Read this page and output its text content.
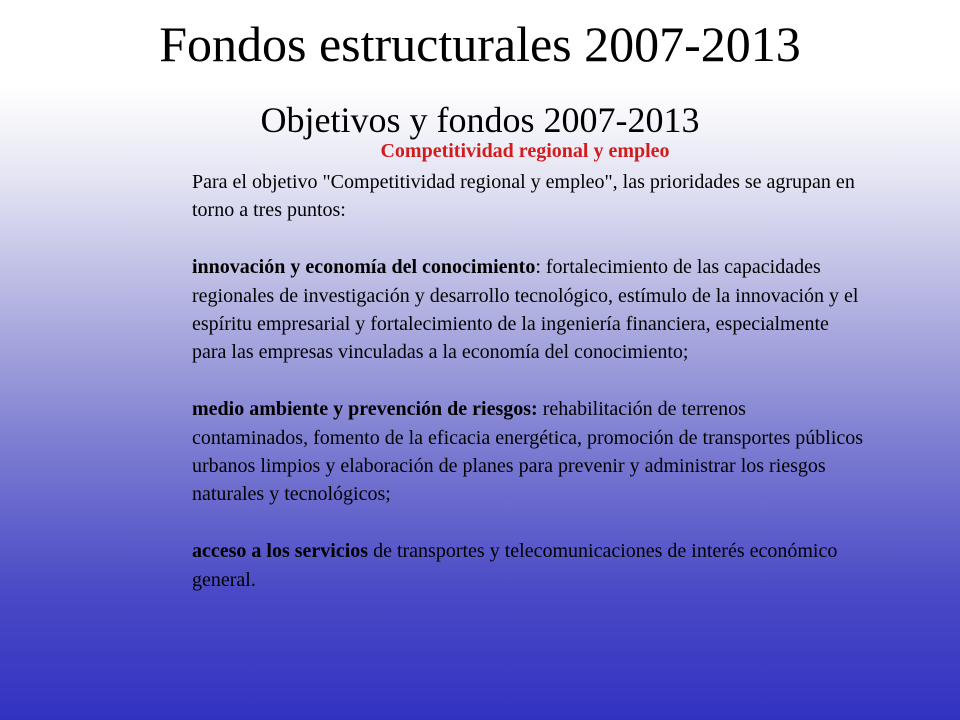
Fondos estructurales 2007-2013
Objetivos y fondos 2007-2013
Competitividad regional y empleo

Para el objetivo "Competitividad regional y empleo", las prioridades se agrupan en torno a tres puntos:

innovación y economía del conocimiento: fortalecimiento de las capacidades regionales de investigación y desarrollo tecnológico, estímulo de la innovación y el espíritu empresarial y fortalecimiento de la ingeniería financiera, especialmente para las empresas vinculadas a la economía del conocimiento;

medio ambiente y prevención de riesgos: rehabilitación de terrenos contaminados, fomento de la eficacia energética, promoción de transportes públicos urbanos limpios y elaboración de planes para prevenir y administrar los riesgos naturales y tecnológicos;

acceso a los servicios de transportes y telecomunicaciones de interés económico general.
